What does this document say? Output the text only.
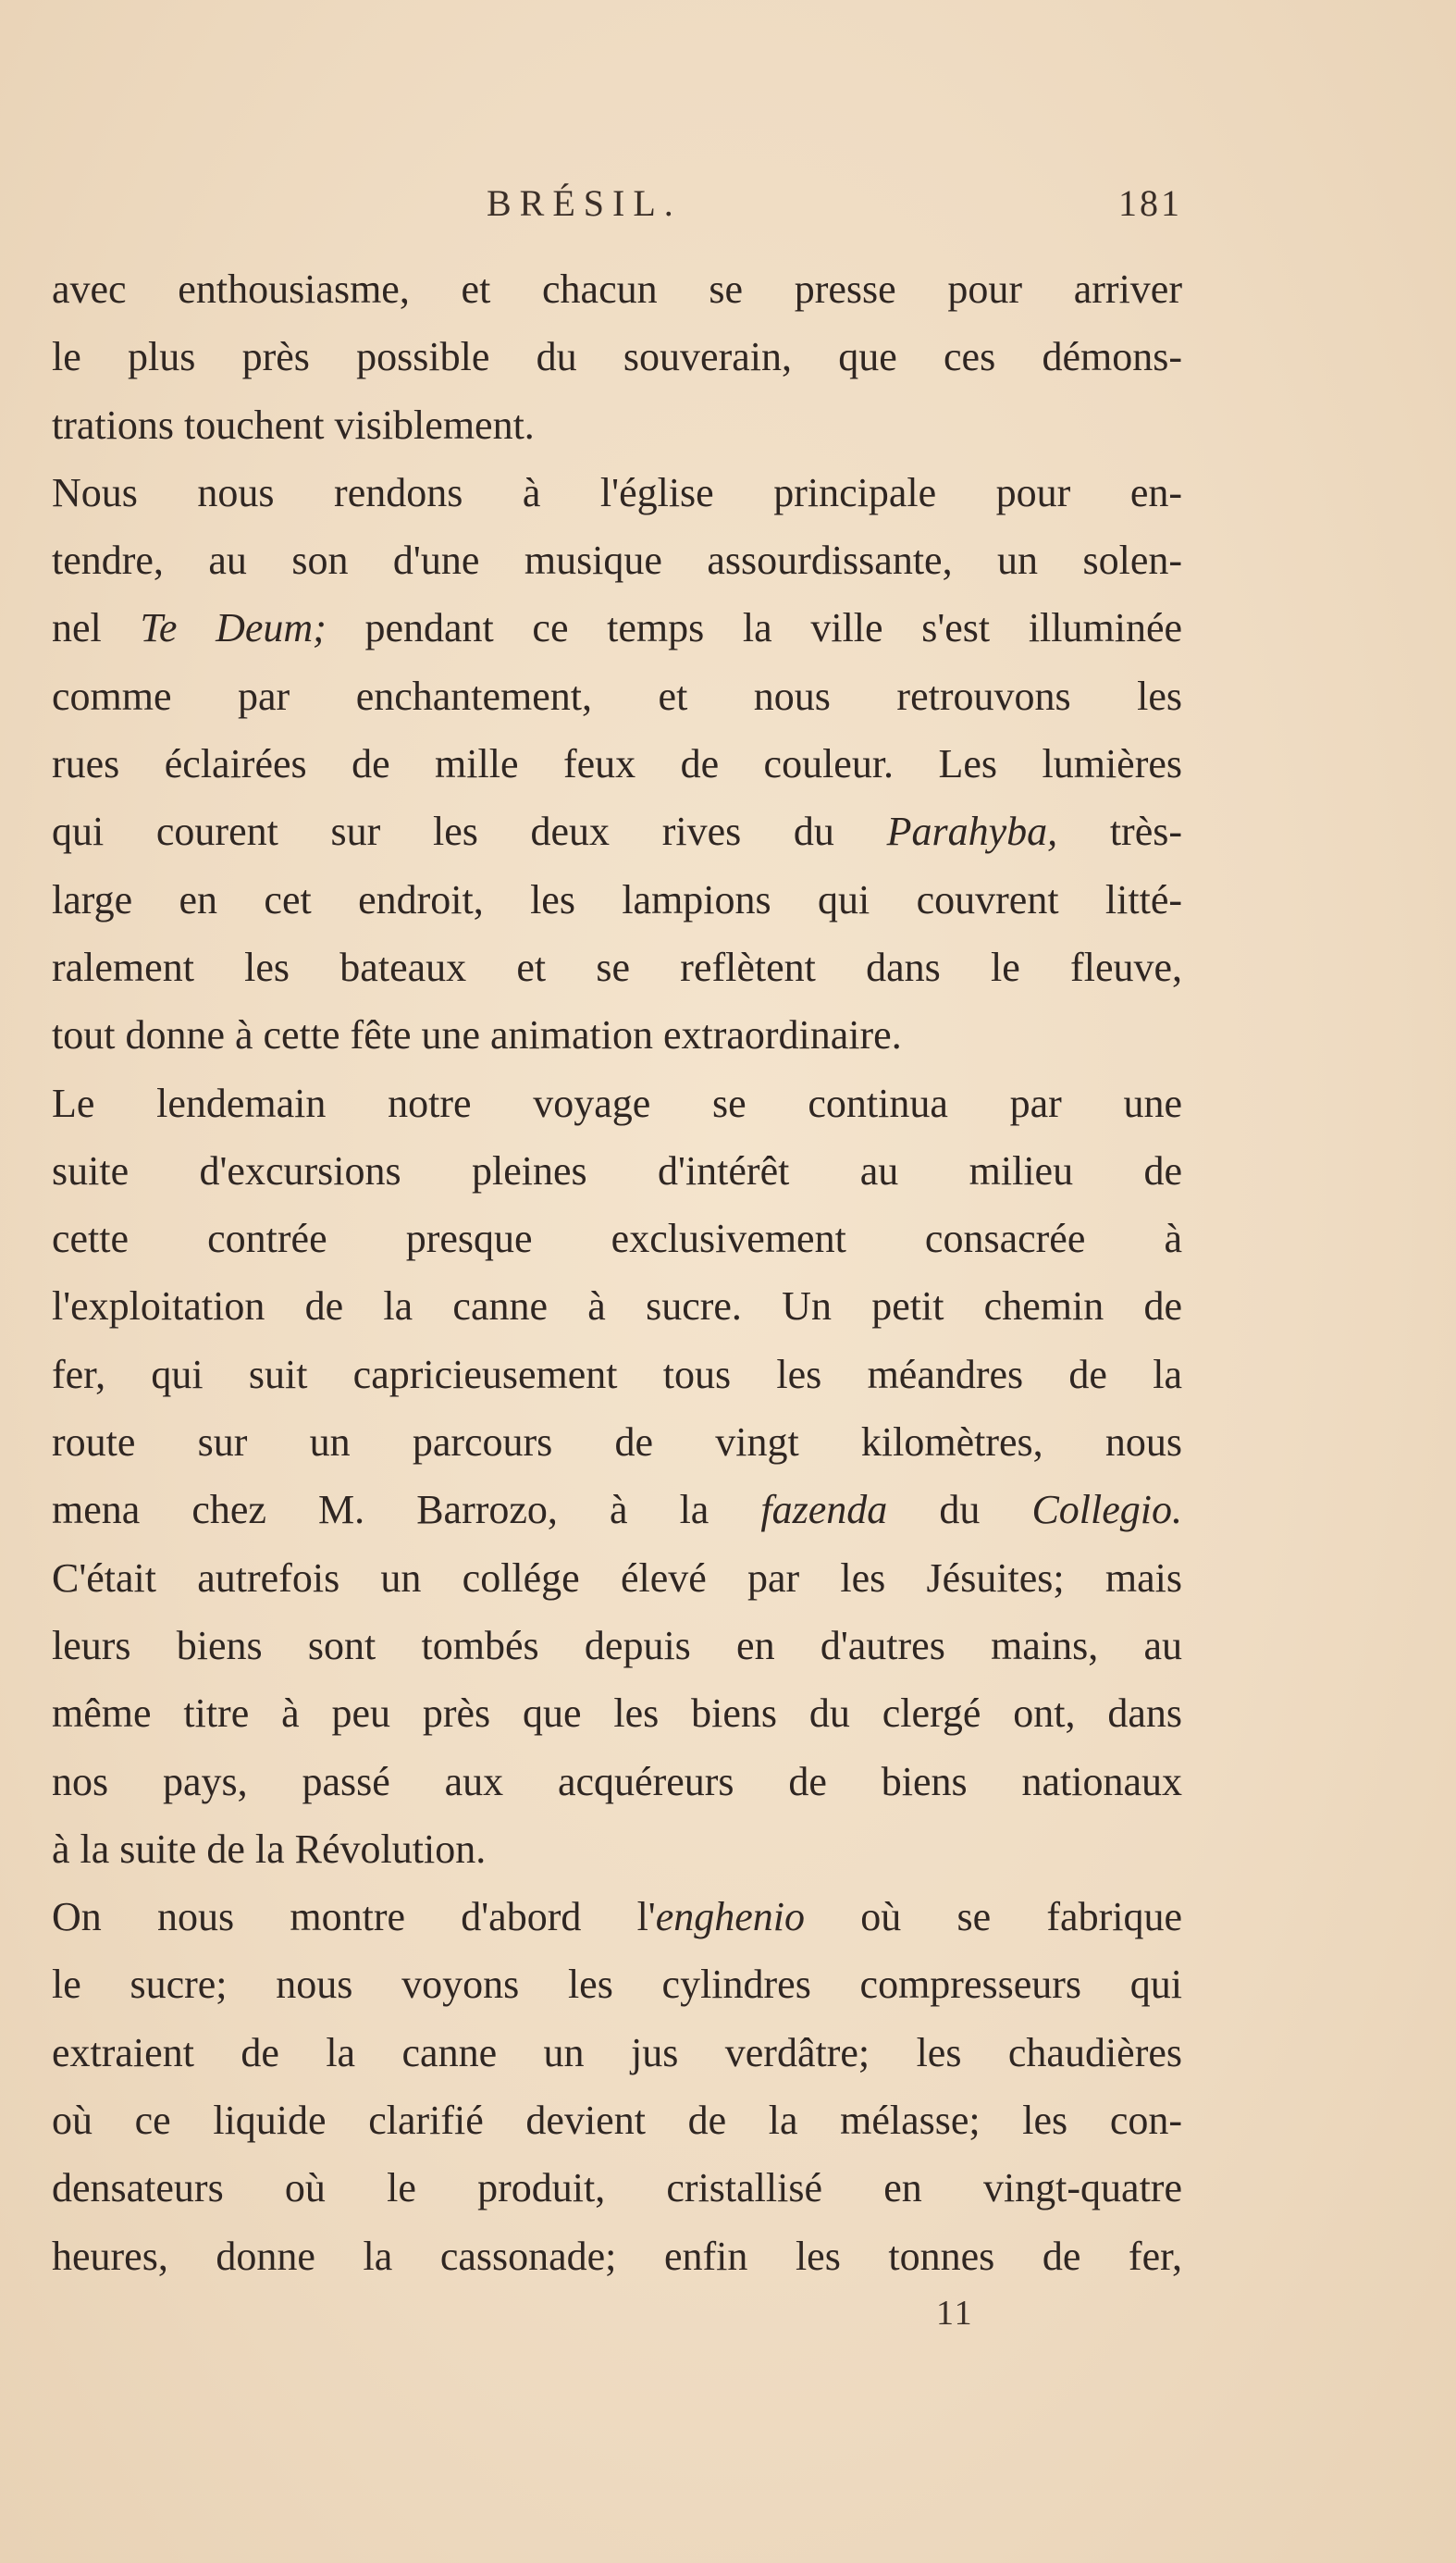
BRÉSIL.	181
avec enthousiasme, et chacun se presse pour arriver
le plus près possible du souverain, que ces démons-
trations touchent visiblement.
Nous nous rendons à l'église principale pour en-
tendre, au son d'une musique assourdissante, un solen-
nel Te Deum; pendant ce temps la ville s'est illuminée
comme par enchantement, et nous retrouvons les
rues éclairées de mille feux de couleur. Les lumières
qui courent sur les deux rives du Parahyba, très-
large en cet endroit, les lampions qui couvrent litté-
ralement les bateaux et se reflètent dans le fleuve,
tout donne à cette fête une animation extraordinaire.
Le lendemain notre voyage se continua par une
suite d'excursions pleines d'intérêt au milieu de
cette contrée presque exclusivement consacrée à
l'exploitation de la canne à sucre. Un petit chemin de
fer, qui suit capricieusement tous les méandres de la
route sur un parcours de vingt kilomètres, nous
mena chez M. Barrozo, à la fazenda du Collegio.
C'était autrefois un collége élevé par les Jésuites; mais
leurs biens sont tombés depuis en d'autres mains, au
même titre à peu près que les biens du clergé ont, dans
nos pays, passé aux acquéreurs de biens nationaux
à la suite de la Révolution.
On nous montre d'abord l'enghenio où se fabrique
le sucre; nous voyons les cylindres compresseurs qui
extraient de la canne un jus verdâtre; les chaudières
où ce liquide clarifié devient de la mélasse; les con-
densateurs où le produit, cristallisé en vingt-quatre
heures, donne la cassonade; enfin les tonnes de fer,
11
